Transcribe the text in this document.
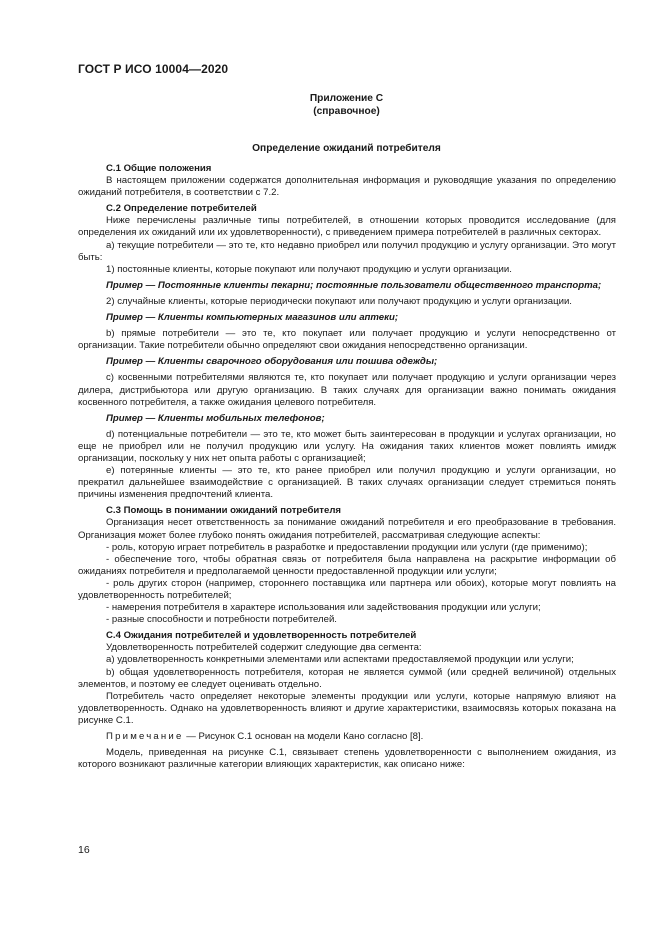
ГОСТ Р ИСО 10004—2020
Приложение С
(справочное)
Определение ожиданий потребителя

С.1 Общие положения

В настоящем приложении содержатся дополнительная информация и руководящие указания по определению ожиданий потребителя, в соответствии с 7.2.

С.2 Определение потребителей

Ниже перечислены различные типы потребителей, в отношении которых проводится исследование (для определения их ожиданий или их удовлетворенности), с приведением примера потребителей в различных секторах.

а) текущие потребители — это те, кто недавно приобрел или получил продукцию и услугу организации. Это могут быть:

1) постоянные клиенты, которые покупают или получают продукцию и услуги организации.

Пример — Постоянные клиенты пекарни; постоянные пользователи общественного транспорта;

2) случайные клиенты, которые периодически покупают или получают продукцию и услуги организации.

Пример — Клиенты компьютерных магазинов или аптеки;

b) прямые потребители — это те, кто покупает или получает продукцию и услуги непосредственно от организации. Такие потребители обычно определяют свои ожидания непосредственно организации.

Пример — Клиенты сварочного оборудования или пошива одежды;

с) косвенными потребителями являются те, кто покупает или получает продукцию и услуги организации через дилера, дистрибьютора или другую организацию. В таких случаях для организации важно понимать ожидания косвенного потребителя, а также ожидания целевого потребителя.

Пример — Клиенты мобильных телефонов;

d) потенциальные потребители — это те, кто может быть заинтересован в продукции и услугах организации, но еще не приобрел или не получил продукцию или услугу. На ожидания таких клиентов может повлиять имидж организации, поскольку у них нет опыта работы с организацией;

е) потерянные клиенты — это те, кто ранее приобрел или получил продукцию и услуги организации, но прекратил дальнейшее взаимодействие с организацией. В таких случаях организации следует стремиться понять причины изменения предпочтений клиента.

С.3 Помощь в понимании ожиданий потребителя

Организация несет ответственность за понимание ожиданий потребителя и его преобразование в требования. Организация может более глубоко понять ожидания потребителей, рассматривая следующие аспекты:

- роль, которую играет потребитель в разработке и предоставлении продукции или услуги (где применимо);

- обеспечение того, чтобы обратная связь от потребителя была направлена на раскрытие информации об ожиданиях потребителя и предполагаемой ценности предоставленной продукции или услуги;

- роль других сторон (например, стороннего поставщика или партнера или обоих), которые могут повлиять на удовлетворенность потребителей;

- намерения потребителя в характере использования или задействования продукции или услуги;

- разные способности и потребности потребителей.

С.4 Ожидания потребителей и удовлетворенность потребителей

Удовлетворенность потребителей содержит следующие два сегмента:

а) удовлетворенность конкретными элементами или аспектами предоставляемой продукции или услуги;

b) общая удовлетворенность потребителя, которая не является суммой (или средней величиной) отдельных элементов, и поэтому ее следует оценивать отдельно.

Потребитель часто определяет некоторые элементы продукции или услуги, которые напрямую влияют на удовлетворенность. Однако на удовлетворенность влияют и другие характеристики, взаимосвязь которых показана на рисунке С.1.

Примечание — Рисунок С.1 основан на модели Кано согласно [8].

Модель, приведенная на рисунке С.1, связывает степень удовлетворенности с выполнением ожидания, из которого возникают различные категории влияющих характеристик, как описано ниже:

16
